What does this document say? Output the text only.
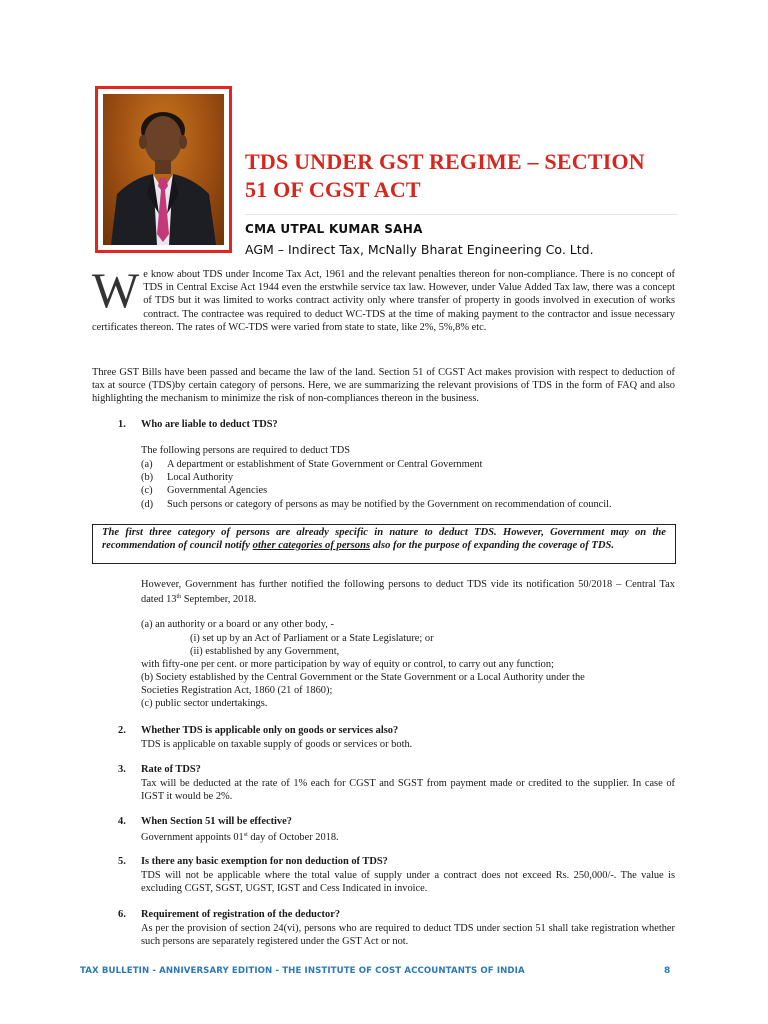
TDS UNDER GST REGIME – SECTION
51 OF CGST ACT
CMA UTPAL KUMAR SAHA
AGM – Indirect Tax, McNally Bharat Engineering Co. Ltd.
We know about TDS under Income Tax Act, 1961 and the relevant penalties thereon for non-compliance. There is no concept of TDS in Central Excise Act 1944 even the erstwhile service tax law. However, under Value Added Tax law, there was a concept of TDS but it was limited to works contract activity only where transfer of property in goods involved in execution of works contract. The contractee was required to deduct WC-TDS at the time of making payment to the contractor and issue necessary certificates thereon. The rates of WC-TDS were varied from state to state, like 2%, 5%,8% etc.
Three GST Bills have been passed and became the law of the land. Section 51 of CGST Act makes provision with respect to deduction of tax at source (TDS)by certain category of persons. Here, we are summarizing the relevant provisions of TDS in the form of FAQ and also highlighting the mechanism to minimize the risk of non-compliances thereon in the business.
1. Who are liable to deduct TDS?
The following persons are required to deduct TDS
(a) A department or establishment of State Government or Central Government
(b) Local Authority
(c) Governmental Agencies
(d) Such persons or category of persons as may be notified by the Government on recommendation of council.
The first three category of persons are already specific in nature to deduct TDS. However, Government may on the recommendation of council notify other categories of persons also for the purpose of expanding the coverage of TDS.
However, Government has further notified the following persons to deduct TDS vide its notification 50/2018 – Central Tax dated 13th September, 2018.
(a) an authority or a board or any other body, -
(i) set up by an Act of Parliament or a State Legislature; or
(ii) established by any Government,
with fifty-one per cent. or more participation by way of equity or control, to carry out any function;
(b) Society established by the Central Government or the State Government or a Local Authority under the
Societies Registration Act, 1860 (21 of 1860);
(c) public sector undertakings.
2. Whether TDS is applicable only on goods or services also?
TDS is applicable on taxable supply of goods or services or both.
3. Rate of TDS?
Tax will be deducted at the rate of 1% each for CGST and SGST from payment made or credited to the supplier. In case of IGST it would be 2%.
4. When Section 51 will be effective?
Government appoints 01st day of October 2018.
5. Is there any basic exemption for non deduction of TDS?
TDS will not be applicable where the total value of supply under a contract does not exceed Rs. 250,000/-. The value is excluding CGST, SGST, UGST, IGST and Cess Indicated in invoice.
6. Requirement of registration of the deductor?
As per the provision of section 24(vi), persons who are required to deduct TDS under section 51 shall take registration whether such persons are separately registered under the GST Act or not.
TAX BULLETIN - ANNIVERSARY EDITION - THE INSTITUTE OF COST ACCOUNTANTS OF INDIA	8
